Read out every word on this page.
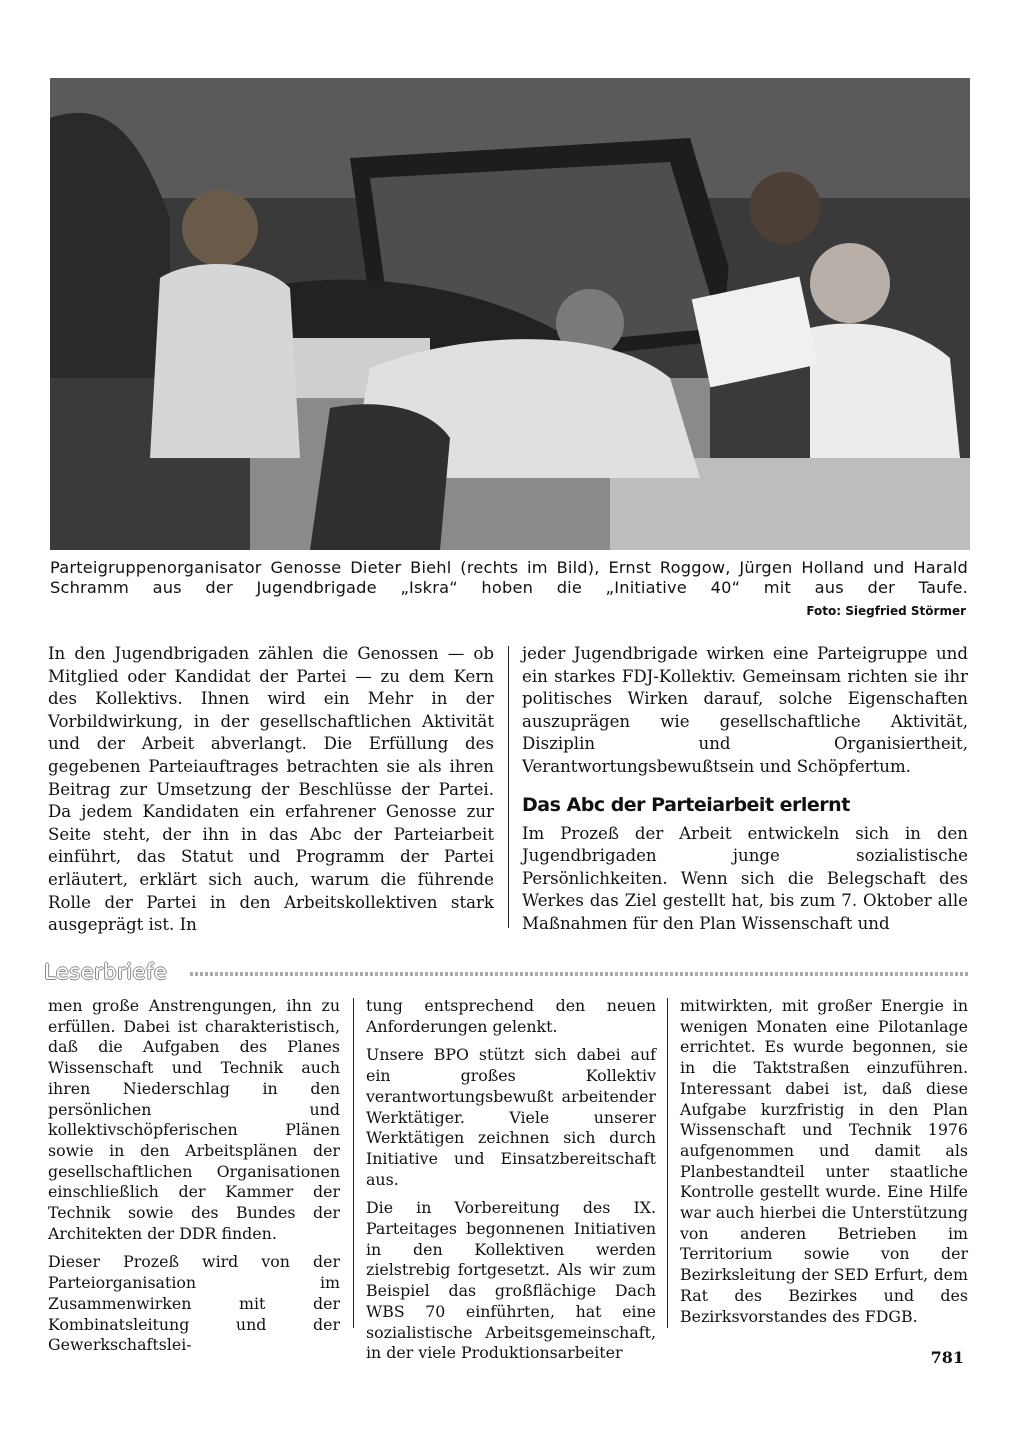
Parteigruppenorganisator Genosse Dieter Biehl (rechts im Bild), Ernst Roggow, Jürgen Holland und Harald Schramm aus der Jugendbrigade „Iskra“ hoben die „Initiative 40“ mit aus der Taufe.
Foto: Siegfried Störmer

In den Jugendbrigaden zählen die Genossen — ob Mitglied oder Kandidat der Partei — zu dem Kern des Kollektivs. Ihnen wird ein Mehr in der Vorbildwirkung, in der gesellschaftlichen Aktivität und der Arbeit abverlangt. Die Erfüllung des gegebenen Parteiauftrages betrachten sie als ihren Beitrag zur Umsetzung der Beschlüsse der Partei. Da jedem Kandidaten ein erfahrener Genosse zur Seite steht, der ihn in das Abc der Parteiarbeit einführt, das Statut und Programm der Partei erläutert, erklärt sich auch, warum die führende Rolle der Partei in den Arbeitskollektiven stark ausgeprägt ist. In

jeder Jugendbrigade wirken eine Parteigruppe und ein starkes FDJ-Kollektiv. Gemeinsam richten sie ihr politisches Wirken darauf, solche Eigenschaften auszuprägen wie gesellschaftliche Aktivität, Disziplin und Organisiertheit, Verantwortungsbewußtsein und Schöpfertum.

Das Abc der Parteiarbeit erlernt

Im Prozeß der Arbeit entwickeln sich in den Jugendbrigaden junge sozialistische Persönlichkeiten. Wenn sich die Belegschaft des Werkes das Ziel gestellt hat, bis zum 7. Oktober alle Maßnahmen für den Plan Wissenschaft und

Leserbriefe

men große Anstrengungen, ihn zu erfüllen. Dabei ist charakteristisch, daß die Aufgaben des Planes Wissenschaft und Technik auch ihren Niederschlag in den persönlichen und kollektivschöpferischen Plänen sowie in den Arbeitsplänen der gesellschaftlichen Organisationen einschließlich der Kammer der Technik sowie des Bundes der Architekten der DDR finden.

Dieser Prozeß wird von der Parteiorganisation im Zusammenwirken mit der Kombinatsleitung und der Gewerkschaftslei-

tung entsprechend den neuen Anforderungen gelenkt.

Unsere BPO stützt sich dabei auf ein großes Kollektiv verantwortungsbewußt arbeitender Werktätiger. Viele unserer Werktätigen zeichnen sich durch Initiative und Einsatzbereitschaft aus.

Die in Vorbereitung des IX. Parteitages begonnenen Initiativen in den Kollektiven werden zielstrebig fortgesetzt. Als wir zum Beispiel das großflächige Dach WBS 70 einführten, hat eine sozialistische Arbeitsgemeinschaft, in der viele Produktionsarbeiter

mitwirkten, mit großer Energie in wenigen Monaten eine Pilotanlage errichtet. Es wurde begonnen, sie in die Taktstraßen einzuführen. Interessant dabei ist, daß diese Aufgabe kurzfristig in den Plan Wissenschaft und Technik 1976 aufgenommen und damit als Planbestandteil unter staatliche Kontrolle gestellt wurde. Eine Hilfe war auch hierbei die Unterstützung von anderen Betrieben im Territorium sowie von der Bezirksleitung der SED Erfurt, dem Rat des Bezirkes und des Bezirksvorstandes des FDGB.

781
